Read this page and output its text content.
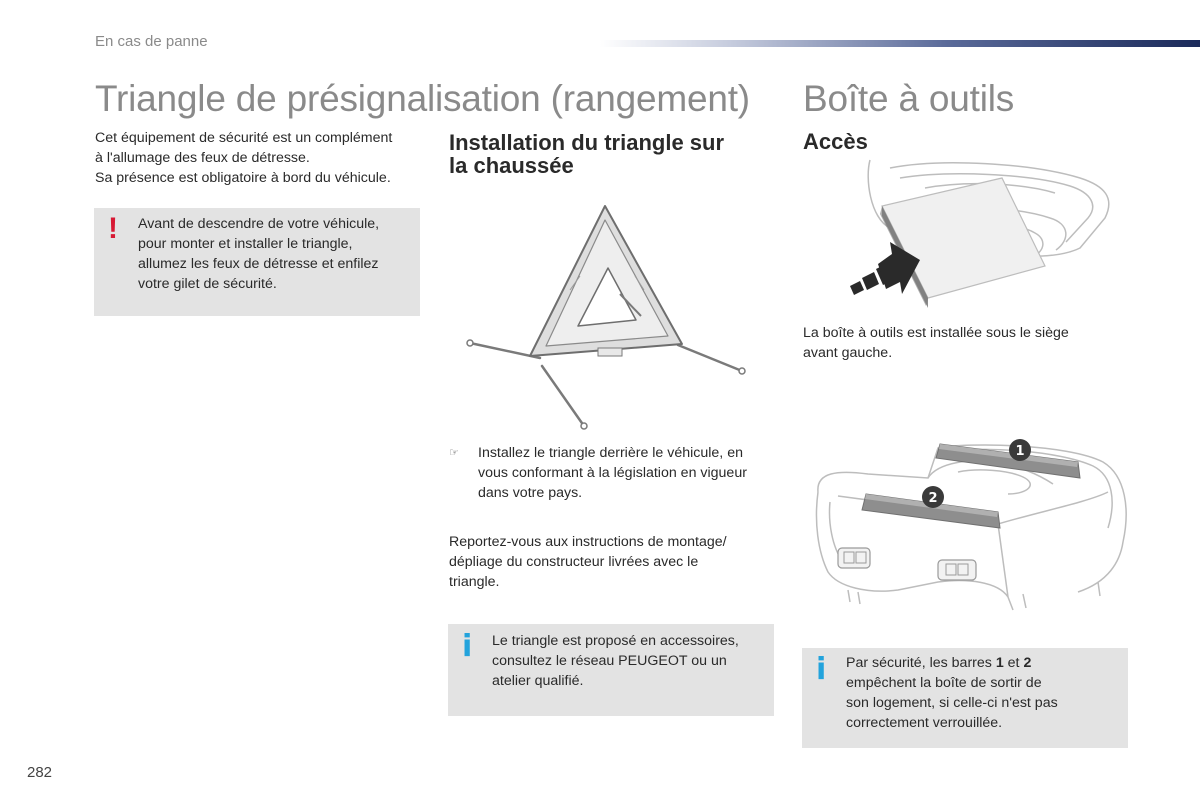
En cas de panne
Triangle de présignalisation (rangement)
Cet équipement de sécurité est un complément
à l'allumage des feux de détresse.
Sa présence est obligatoire à bord du véhicule.
! Avant de descendre de votre véhicule,
pour monter et installer le triangle,
allumez les feux de détresse et enfilez
votre gilet de sécurité.
Installation du triangle sur
la chaussée
☞ Installez le triangle derrière le véhicule, en
vous conformant à la législation en vigueur
dans votre pays.
Reportez-vous aux instructions de montage/
dépliage du constructeur livrées avec le
triangle.
i Le triangle est proposé en accessoires,
consultez le réseau PEUGEOT ou un
atelier qualifié.
Boîte à outils
Accès
La boîte à outils est installée sous le siège
avant gauche.
1
2
i Par sécurité, les barres 1 et 2
empêchent la boîte de sortir de
son logement, si celle-ci n'est pas
correctement verrouillée.
282
